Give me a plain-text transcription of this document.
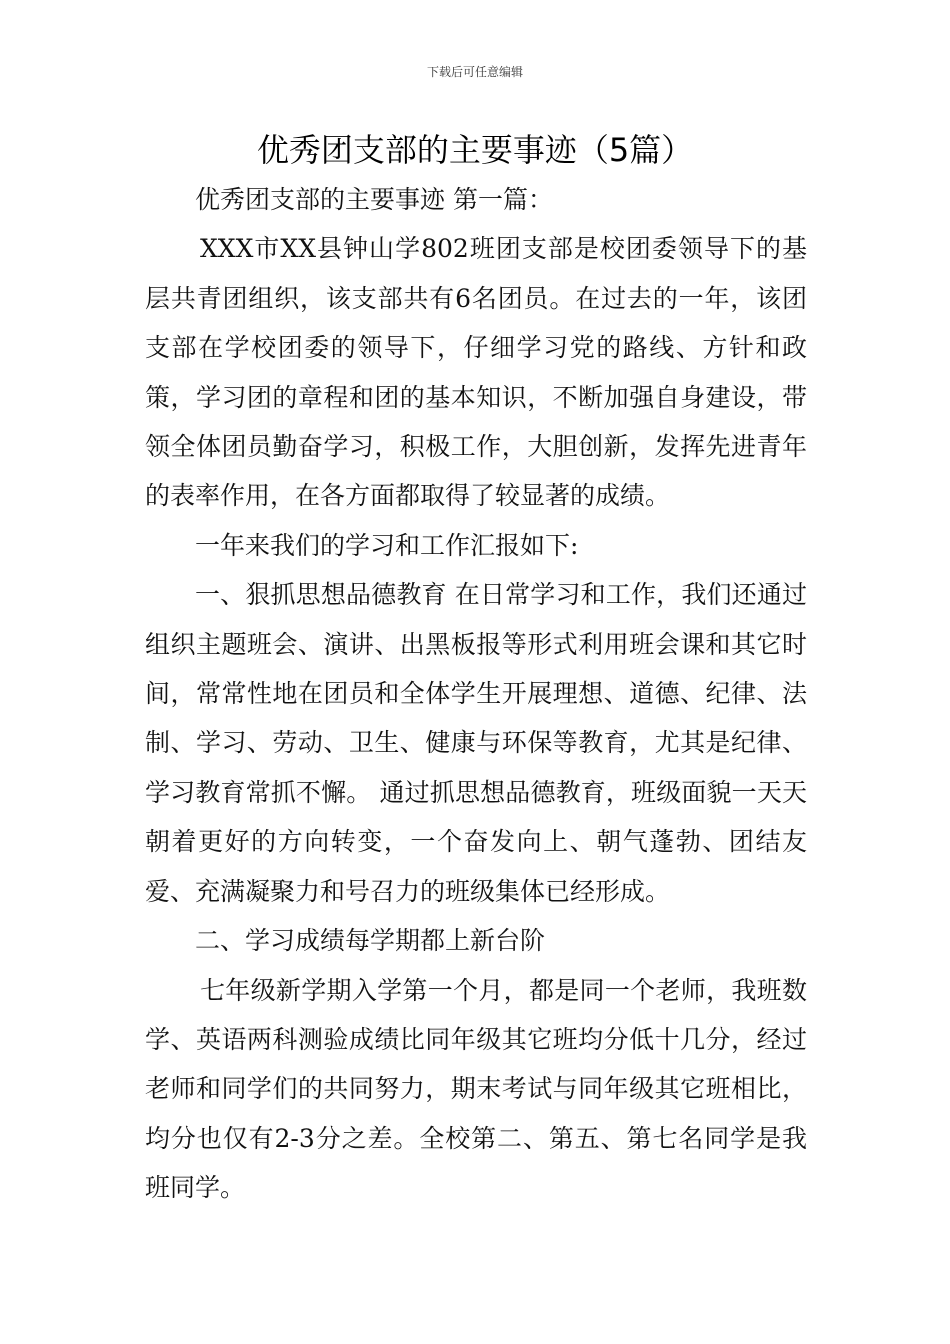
下载后可任意编辑
优秀团支部的主要事迹（5篇）

优秀团支部的主要事迹 第一篇：

XXX市XX县钟山学802班团支部是校团委领导下的基层共青团组织，该支部共有6名团员。在过去的一年，该团支部在学校团委的领导下，仔细学习党的路线、方针和政策，学习团的章程和团的基本知识，不断加强自身建设，带领全体团员勤奋学习，积极工作，大胆创新，发挥先进青年的表率作用，在各方面都取得了较显著的成绩。

一年来我们的学习和工作汇报如下:

一、狠抓思想品德教育 在日常学习和工作，我们还通过组织主题班会、演讲、出黑板报等形式利用班会课和其它时间，常常性地在团员和全体学生开展理想、道德、纪律、法制、学习、劳动、卫生、健康与环保等教育，尤其是纪律、学习教育常抓不懈。 通过抓思想品德教育，班级面貌一天天朝着更好的方向转变，一个奋发向上、朝气蓬勃、团结友爱、充满凝聚力和号召力的班级集体已经形成。

二、学习成绩每学期都上新台阶

七年级新学期入学第一个月，都是同一个老师，我班数学、英语两科测验成绩比同年级其它班均分低十几分，经过老师和同学们的共同努力，期末考试与同年级其它班相比，均分也仅有2-3分之差。全校第二、第五、第七名同学是我班同学。
